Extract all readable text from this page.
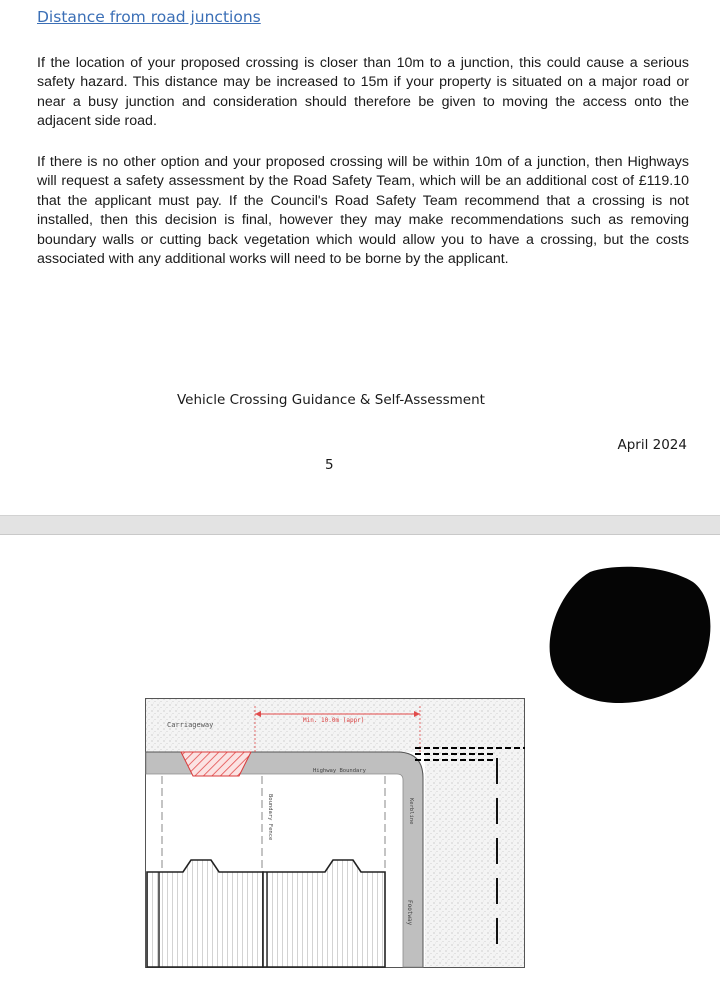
Distance from road junctions

If the location of your proposed crossing is closer than 10m to a junction, this could cause a serious safety hazard. This distance may be increased to 15m if your property is situated on a major road or near a busy junction and consideration should therefore be given to moving the access onto the adjacent side road.

If there is no other option and your proposed crossing will be within 10m of a junction, then Highways will request a safety assessment by the Road Safety Team, which will be an additional cost of £119.10 that the applicant must pay. If the Council's Road Safety Team recommend that a crossing is not installed, then this decision is final, however they may make recommendations such as removing boundary walls or cutting back vegetation which would allow you to have a crossing, but the costs associated with any additional works will need to be borne by the applicant.

Vehicle Crossing Guidance & Self-Assessment
April 2024
5
Min. 10.0m (appr)
Carriageway
Highway Boundary
Boundary Fence	Kerbline
Footway
